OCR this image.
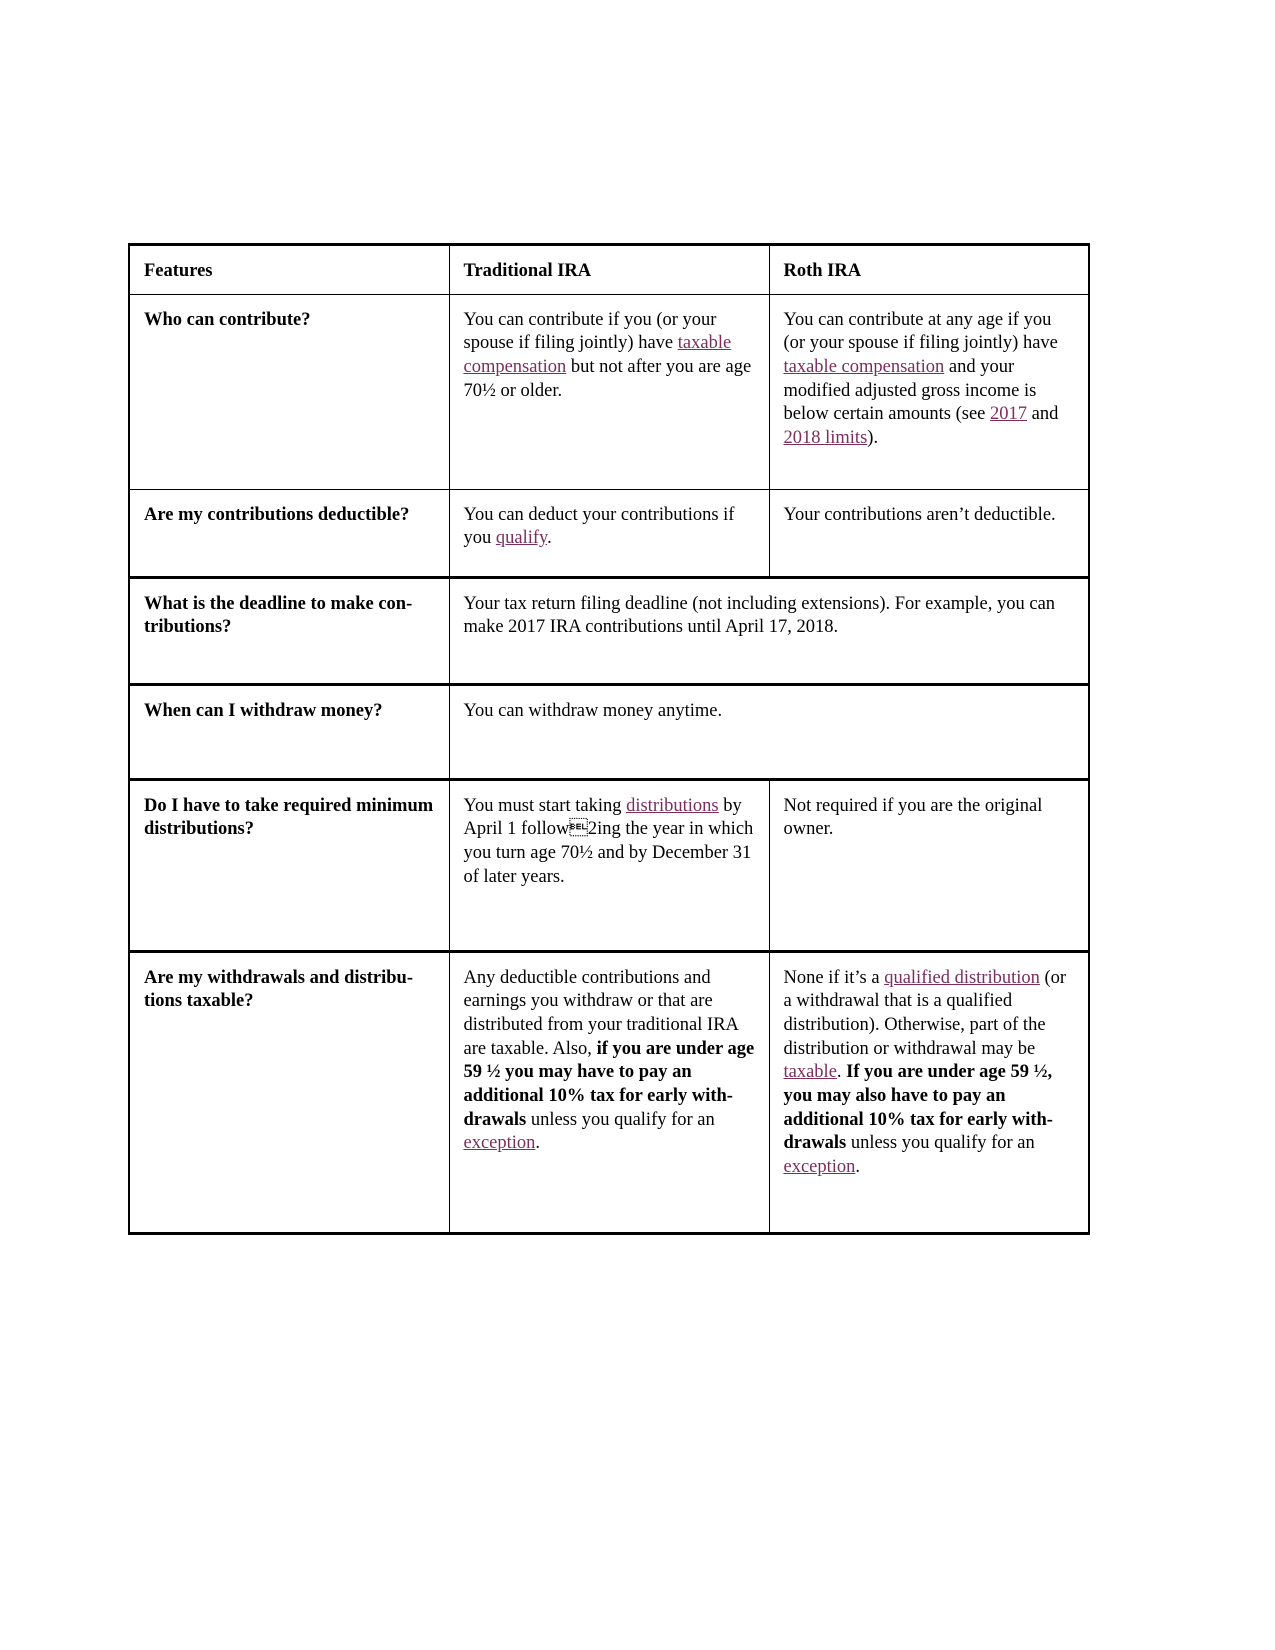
Features	Traditional IRA	Roth IRA
Who can contribute?	You can contribute if you (or your spouse if filing jointly) have taxable compensation but not after you are age 70½ or older.	You can contribute at any age if you (or your spouse if filing jointly) have taxable compensation and your modified adjusted gross income is below certain amounts (see 2017 and 2018 limits).
Are my contributions deductible?	You can deduct your contributions if you qualify.	Your contributions aren’t deductible.
What is the deadline to make contributions?	Your tax return filing deadline (not including extensions). For example, you can make 2017 IRA contributions until April 17, 2018.	
When can I withdraw money?	You can withdraw money anytime.	
Do I have to take required minimum distributions?	You must start taking distributions by April 1 follow2ing the year in which you turn age 70½ and by December 31 of later years.	Not required if you are the original owner.
Are my withdrawals and distributions taxable?	Any deductible contributions and earnings you withdraw or that are distributed from your traditional IRA are taxable. Also, if you are under age 59 ½ you may have to pay an additional 10% tax for early withdrawals unless you qualify for an exception.	None if it’s a qualified distribution (or a withdrawal that is a qualified distribution). Otherwise, part of the distribution or withdrawal may be taxable. If you are under age 59 ½, you may also have to pay an additional 10% tax for early withdrawals unless you qualify for an exception.
